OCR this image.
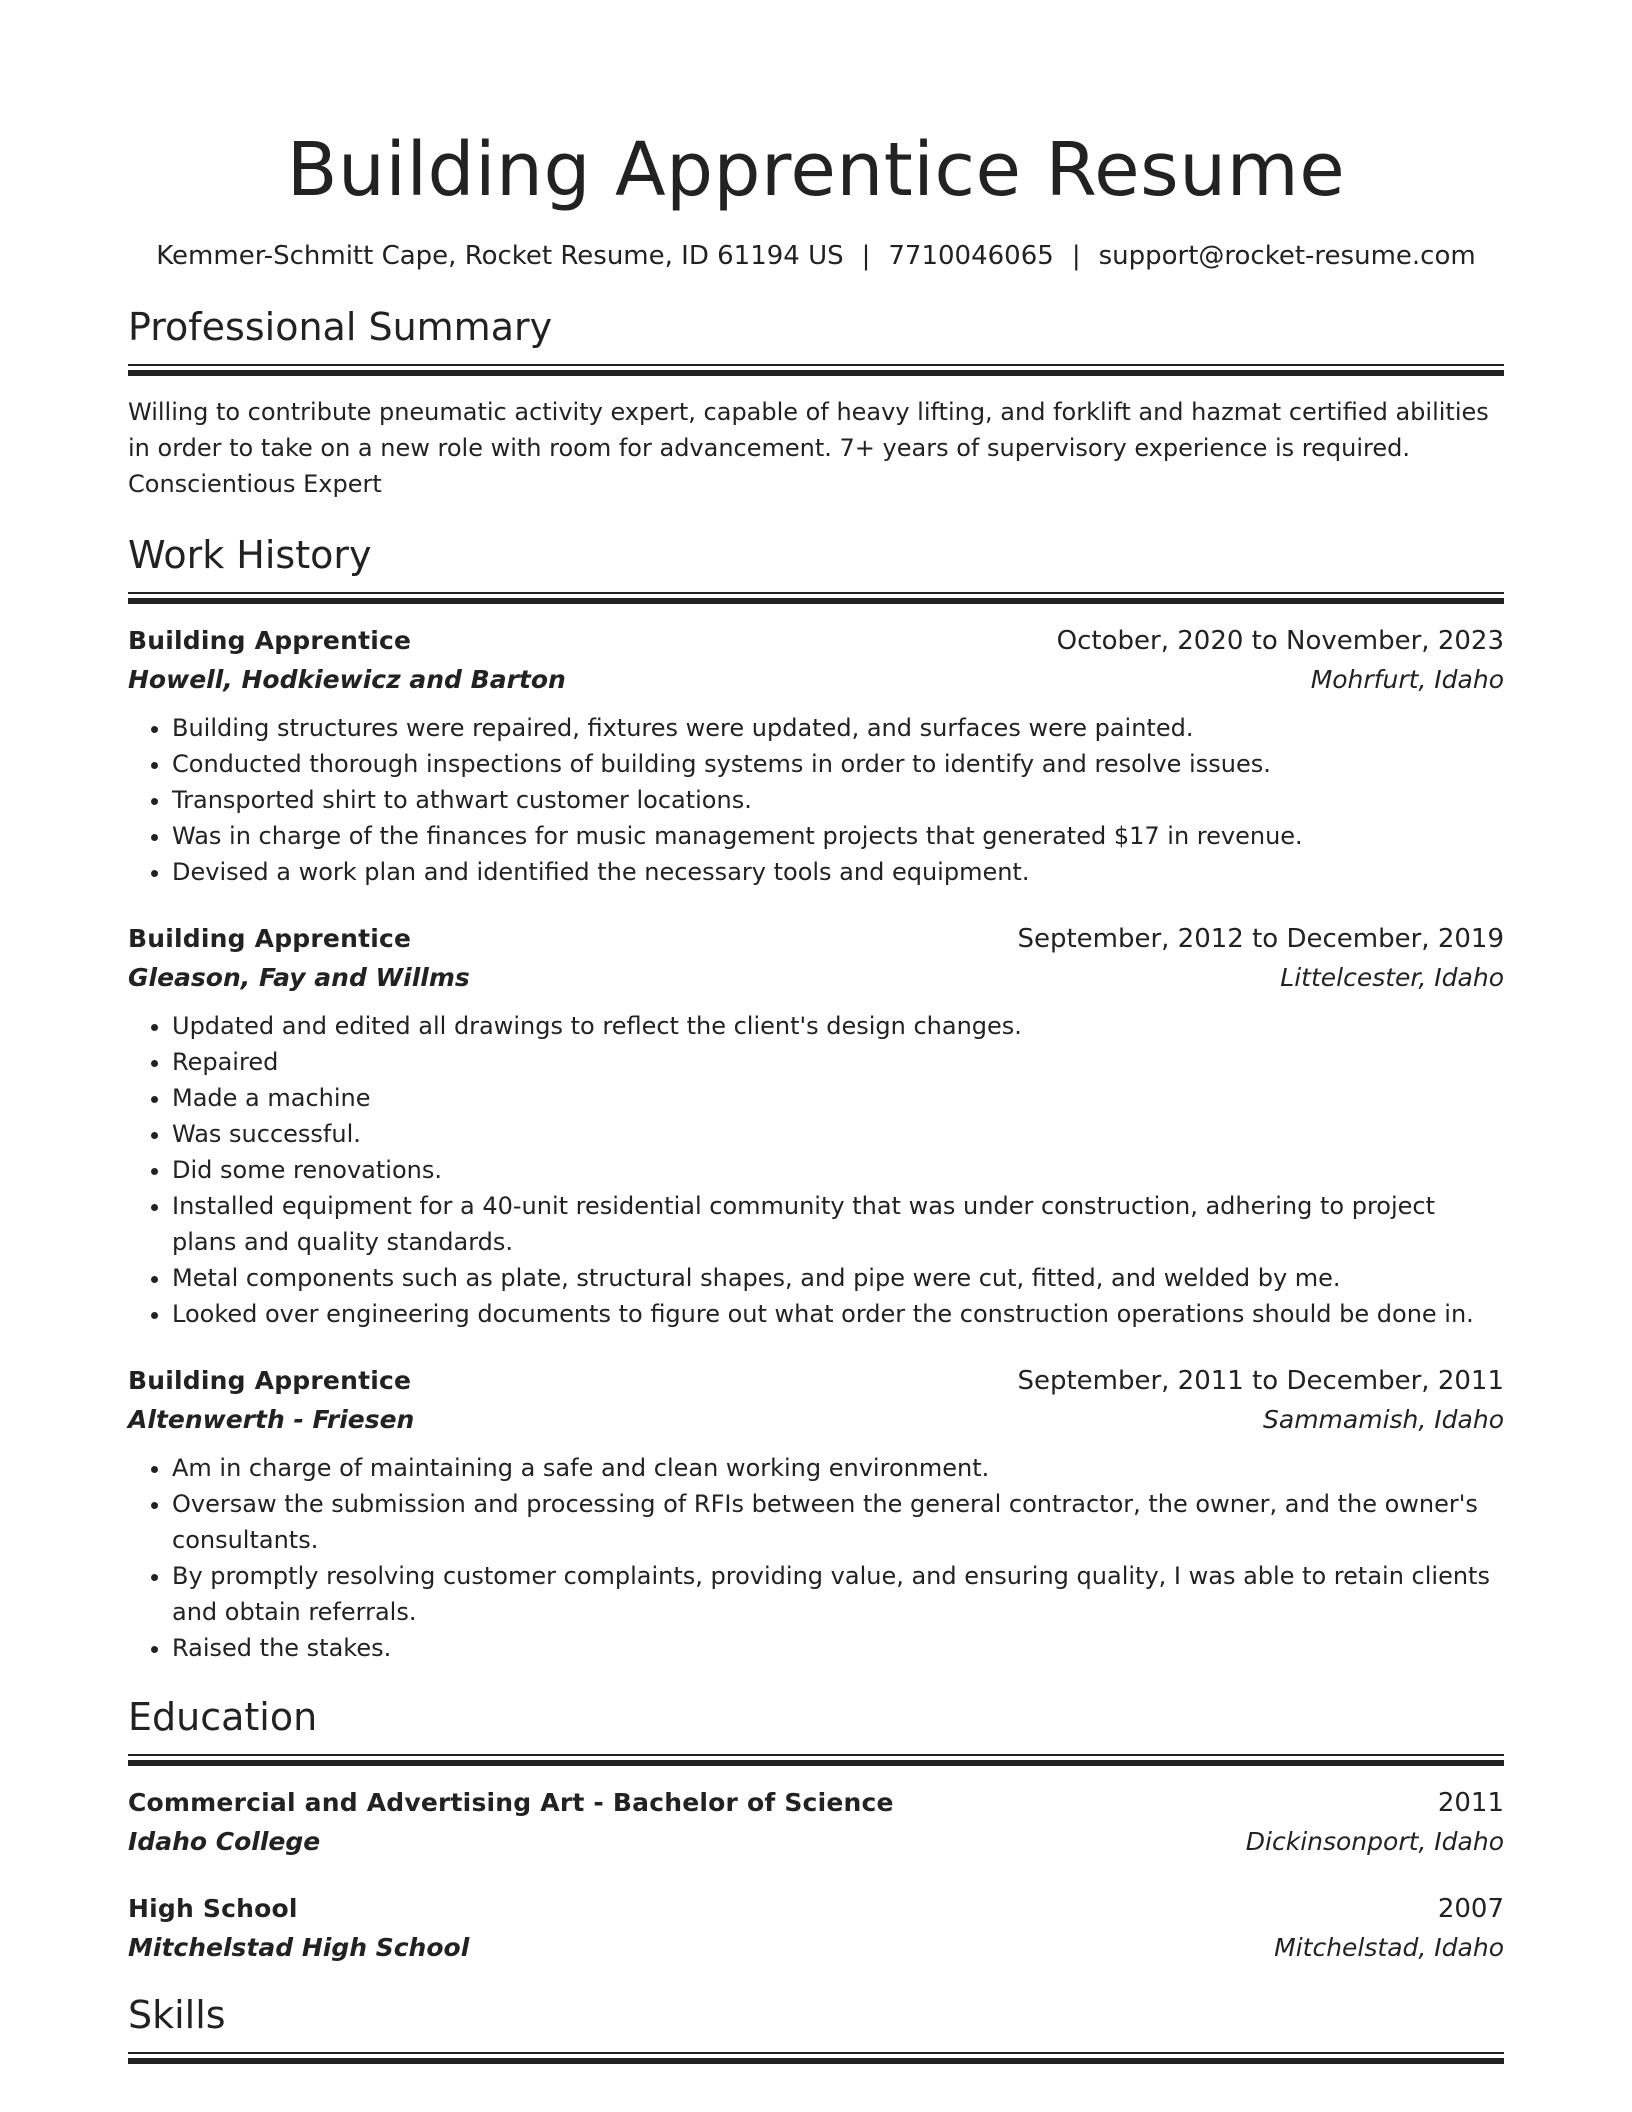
Building Apprentice Resume
Kemmer-Schmitt Cape, Rocket Resume, ID 61194 US | 7710046065 | support@rocket-resume.com
Professional Summary
Willing to contribute pneumatic activity expert, capable of heavy lifting, and forklift and hazmat certified abilities in order to take on a new role with room for advancement. 7+ years of supervisory experience is required. Conscientious Expert
Work History
Building Apprentice	October, 2020 to November, 2023
Howell, Hodkiewicz and Barton	Mohrfurt, Idaho
• Building structures were repaired, fixtures were updated, and surfaces were painted.
• Conducted thorough inspections of building systems in order to identify and resolve issues.
• Transported shirt to athwart customer locations.
• Was in charge of the finances for music management projects that generated $17 in revenue.
• Devised a work plan and identified the necessary tools and equipment.
Building Apprentice	September, 2012 to December, 2019
Gleason, Fay and Willms	Littelcester, Idaho
• Updated and edited all drawings to reflect the client's design changes.
• Repaired
• Made a machine
• Was successful.
• Did some renovations.
• Installed equipment for a 40-unit residential community that was under construction, adhering to project plans and quality standards.
• Metal components such as plate, structural shapes, and pipe were cut, fitted, and welded by me.
• Looked over engineering documents to figure out what order the construction operations should be done in.
Building Apprentice	September, 2011 to December, 2011
Altenwerth - Friesen	Sammamish, Idaho
• Am in charge of maintaining a safe and clean working environment.
• Oversaw the submission and processing of RFIs between the general contractor, the owner, and the owner's consultants.
• By promptly resolving customer complaints, providing value, and ensuring quality, I was able to retain clients and obtain referrals.
• Raised the stakes.
Education
Commercial and Advertising Art - Bachelor of Science	2011
Idaho College	Dickinsonport, Idaho
High School	2007
Mitchelstad High School	Mitchelstad, Idaho
Skills
